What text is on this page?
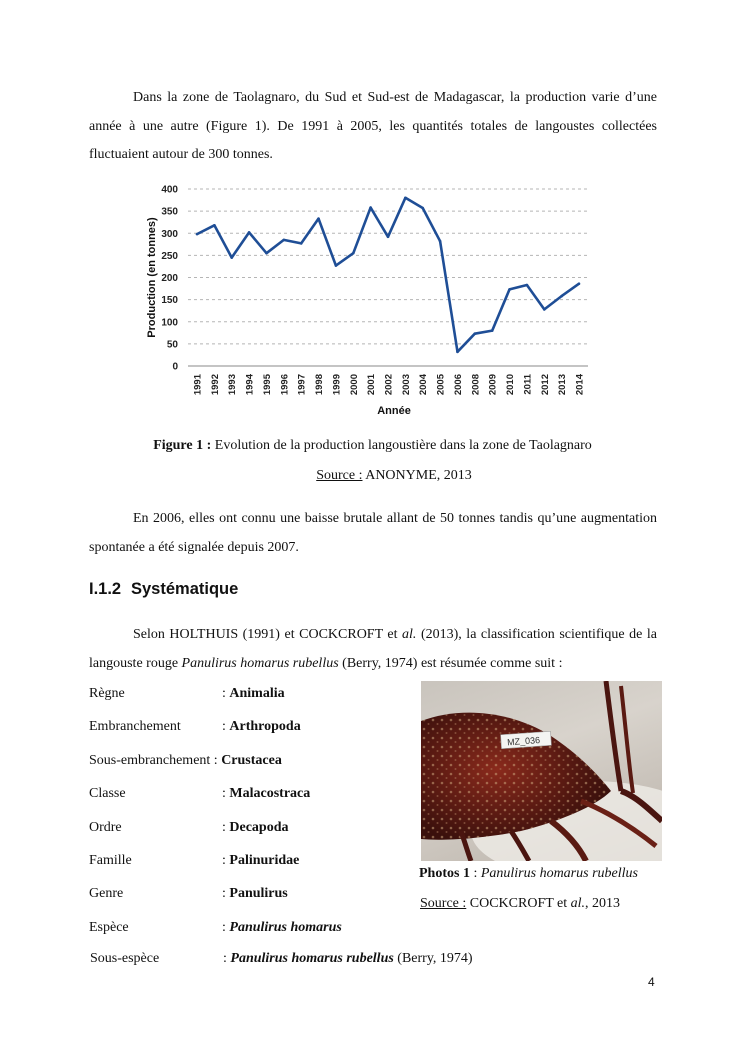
Dans la zone de Taolagnaro, du Sud et Sud-est de Madagascar, la production varie d’une année à une autre (Figure 1). De 1991 à 2005, les quantités totales de langoustes collectées fluctuaient autour de 300 tonnes.
0
50
100
150
200
250
300
350
400
1991 1992 1993 1994 1995 1996 1997 1998 1999 2000 2001 2002 2003 2004 2005 2006 2008 2009 2010 2011 2012 2013 2014
Production (en tonnes)
Année
Figure 1 : Evolution de la production langoustière dans la zone de Taolagnaro
Source : ANONYME, 2013
En 2006, elles ont connu une baisse brutale allant de 50 tonnes tandis qu’une augmentation spontanée a été signalée depuis 2007.
I.1.2 Systématique
Selon HOLTHUIS (1991) et COCKCROFT et al. (2013), la classification scientifique de la langouste rouge Panulirus homarus rubellus (Berry, 1974) est résumée comme suit :
Règne	: Animalia
Embranchement	: Arthropoda
Sous-embranchement : Crustacea
Classe	: Malacostraca
Ordre	: Decapoda
Famille	: Palinuridae
Genre	: Panulirus
Espèce	: Panulirus homarus
Sous-espèce	: Panulirus homarus rubellus (Berry, 1974)
MZ_036
Photos 1 : Panulirus homarus rubellus
Source : COCKCROFT et al., 2013
4
